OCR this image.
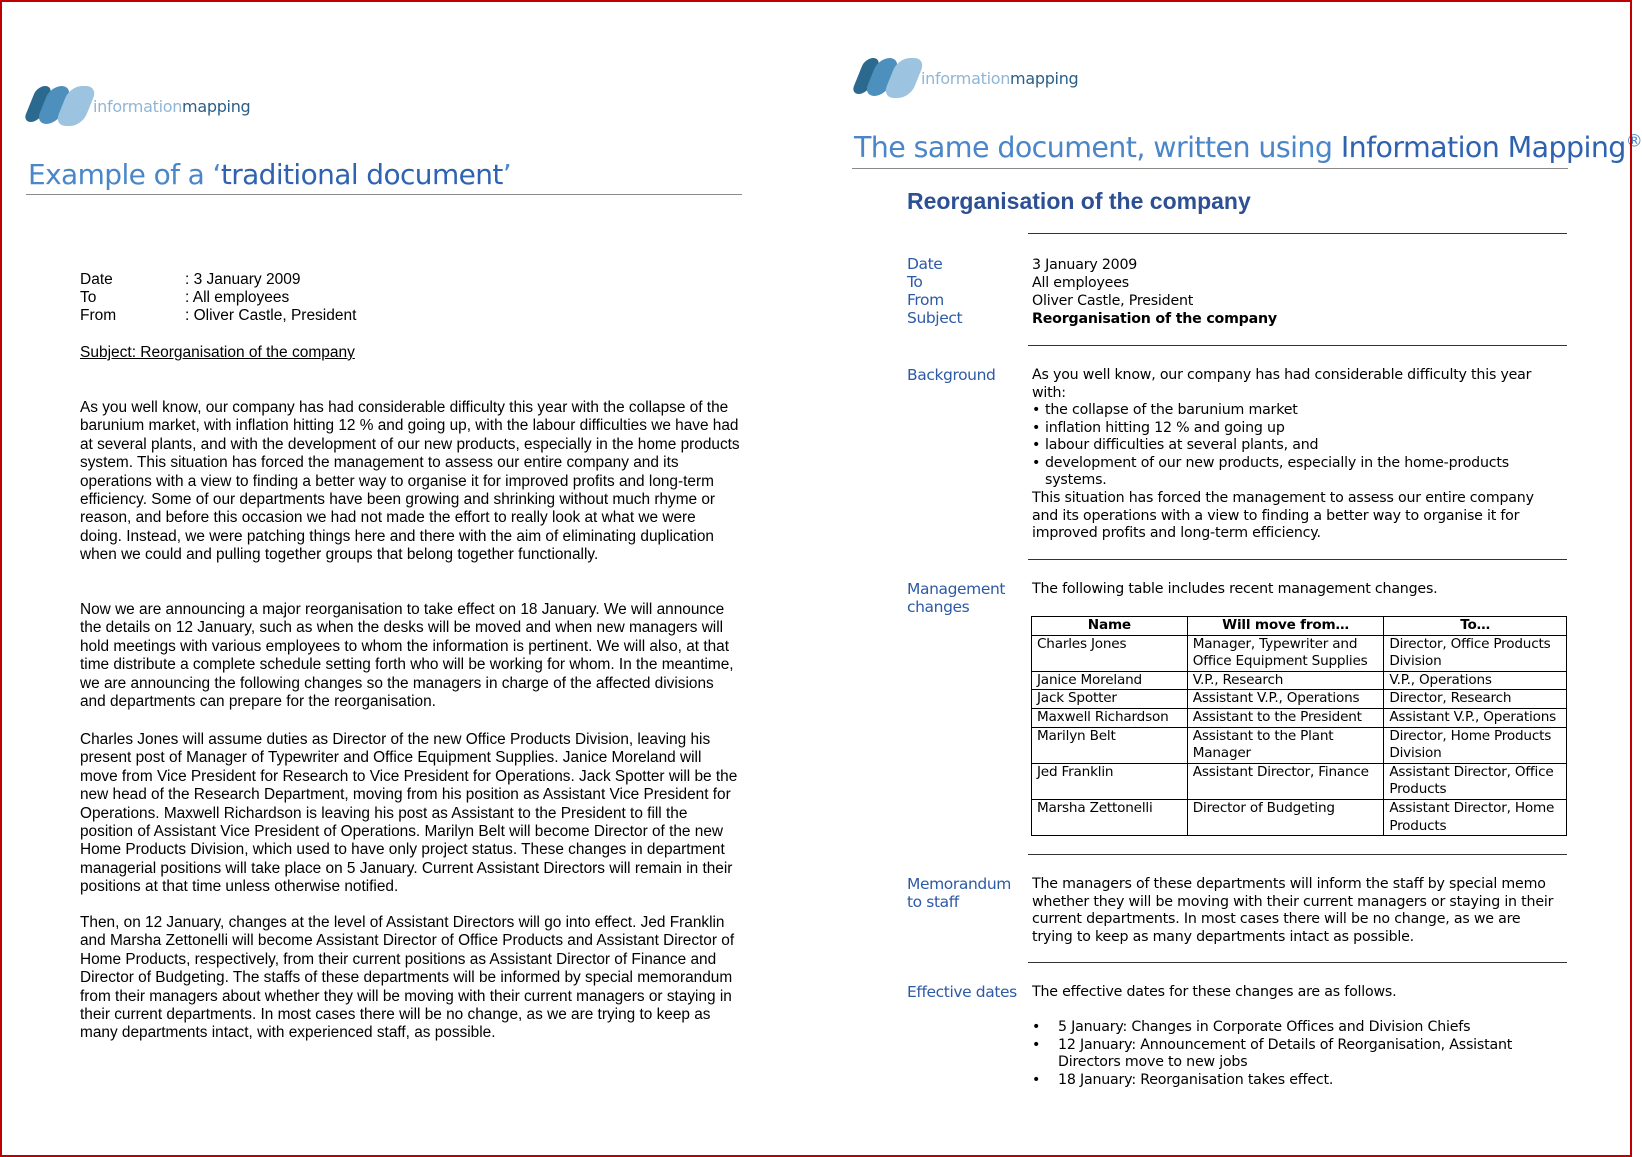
informationmapping
Example of a ‘traditional document’
Date	: 3 January 2009
To	: All employees
From	: Oliver Castle, President
Subject: Reorganisation of the company
As you well know, our company has had considerable difficulty this year with the collapse of the barunium market, with inflation hitting 12 % and going up, with the labour difficulties we have had at several plants, and with the development of our new products, especially in the home products system. This situation has forced the management to assess our entire company and its operations with a view to finding a better way to organise it for improved profits and long-term efficiency. Some of our departments have been growing and shrinking without much rhyme or reason, and before this occasion we had not made the effort to really look at what we were doing. Instead, we were patching things here and there with the aim of eliminating duplication when we could and pulling together groups that belong together functionally.
Now we are announcing a major reorganisation to take effect on 18 January. We will announce the details on 12 January, such as when the desks will be moved and when new managers will hold meetings with various employees to whom the information is pertinent. We will also, at that time distribute a complete schedule setting forth who will be working for whom. In the meantime, we are announcing the following changes so the managers in charge of the affected divisions and departments can prepare for the reorganisation.
Charles Jones will assume duties as Director of the new Office Products Division, leaving his present post of Manager of Typewriter and Office Equipment Supplies. Janice Moreland will move from Vice President for Research to Vice President for Operations. Jack Spotter will be the new head of the Research Department, moving from his position as Assistant Vice President for Operations. Maxwell Richardson is leaving his post as Assistant to the President to fill the position of Assistant Vice President of Operations. Marilyn Belt will become Director of the new Home Products Division, which used to have only project status. These changes in department managerial positions will take place on 5 January. Current Assistant Directors will remain in their positions at that time unless otherwise notified.
Then, on 12 January, changes at the level of Assistant Directors will go into effect. Jed Franklin and Marsha Zettonelli will become Assistant Director of Office Products and Assistant Director of Home Products, respectively, from their current positions as Assistant Director of Finance and Director of Budgeting. The staffs of these departments will be informed by special memorandum from their managers about whether they will be moving with their current managers or staying in their current departments. In most cases there will be no change, as we are trying to keep as many departments intact, with experienced staff, as possible.
informationmapping
The same document, written using Information Mapping®
Reorganisation of the company
Date	3 January 2009
To	All employees
From	Oliver Castle, President
Subject	Reorganisation of the company
Background	As you well know, our company has had considerable difficulty this year with:
• the collapse of the barunium market
• inflation hitting 12 % and going up
• labour difficulties at several plants, and
• development of our new products, especially in the home-products systems.
This situation has forced the management to assess our entire company and its operations with a view to finding a better way to organise it for improved profits and long-term efficiency.
Management
changes
The following table includes recent management changes.
Name	Will move from…	To…
Charles Jones	Manager, Typewriter and Office Equipment Supplies	Director, Office Products Division
Janice Moreland	V.P., Research	V.P., Operations
Jack Spotter	Assistant V.P., Operations	Director, Research
Maxwell Richardson	Assistant to the President	Assistant V.P., Operations
Marilyn Belt	Assistant to the Plant Manager	Director, Home Products Division
Jed Franklin	Assistant Director, Finance	Assistant Director, Office Products
Marsha Zettonelli	Director of Budgeting	Assistant Director, Home Products
Memorandum
to staff
The managers of these departments will inform the staff by special memo whether they will be moving with their current managers or staying in their current departments. In most cases there will be no change, as we are trying to keep as many departments intact as possible.
Effective dates The effective dates for these changes are as follows.
• 5 January: Changes in Corporate Offices and Division Chiefs
• 12 January: Announcement of Details of Reorganisation, Assistant Directors move to new jobs
• 18 January: Reorganisation takes effect.
